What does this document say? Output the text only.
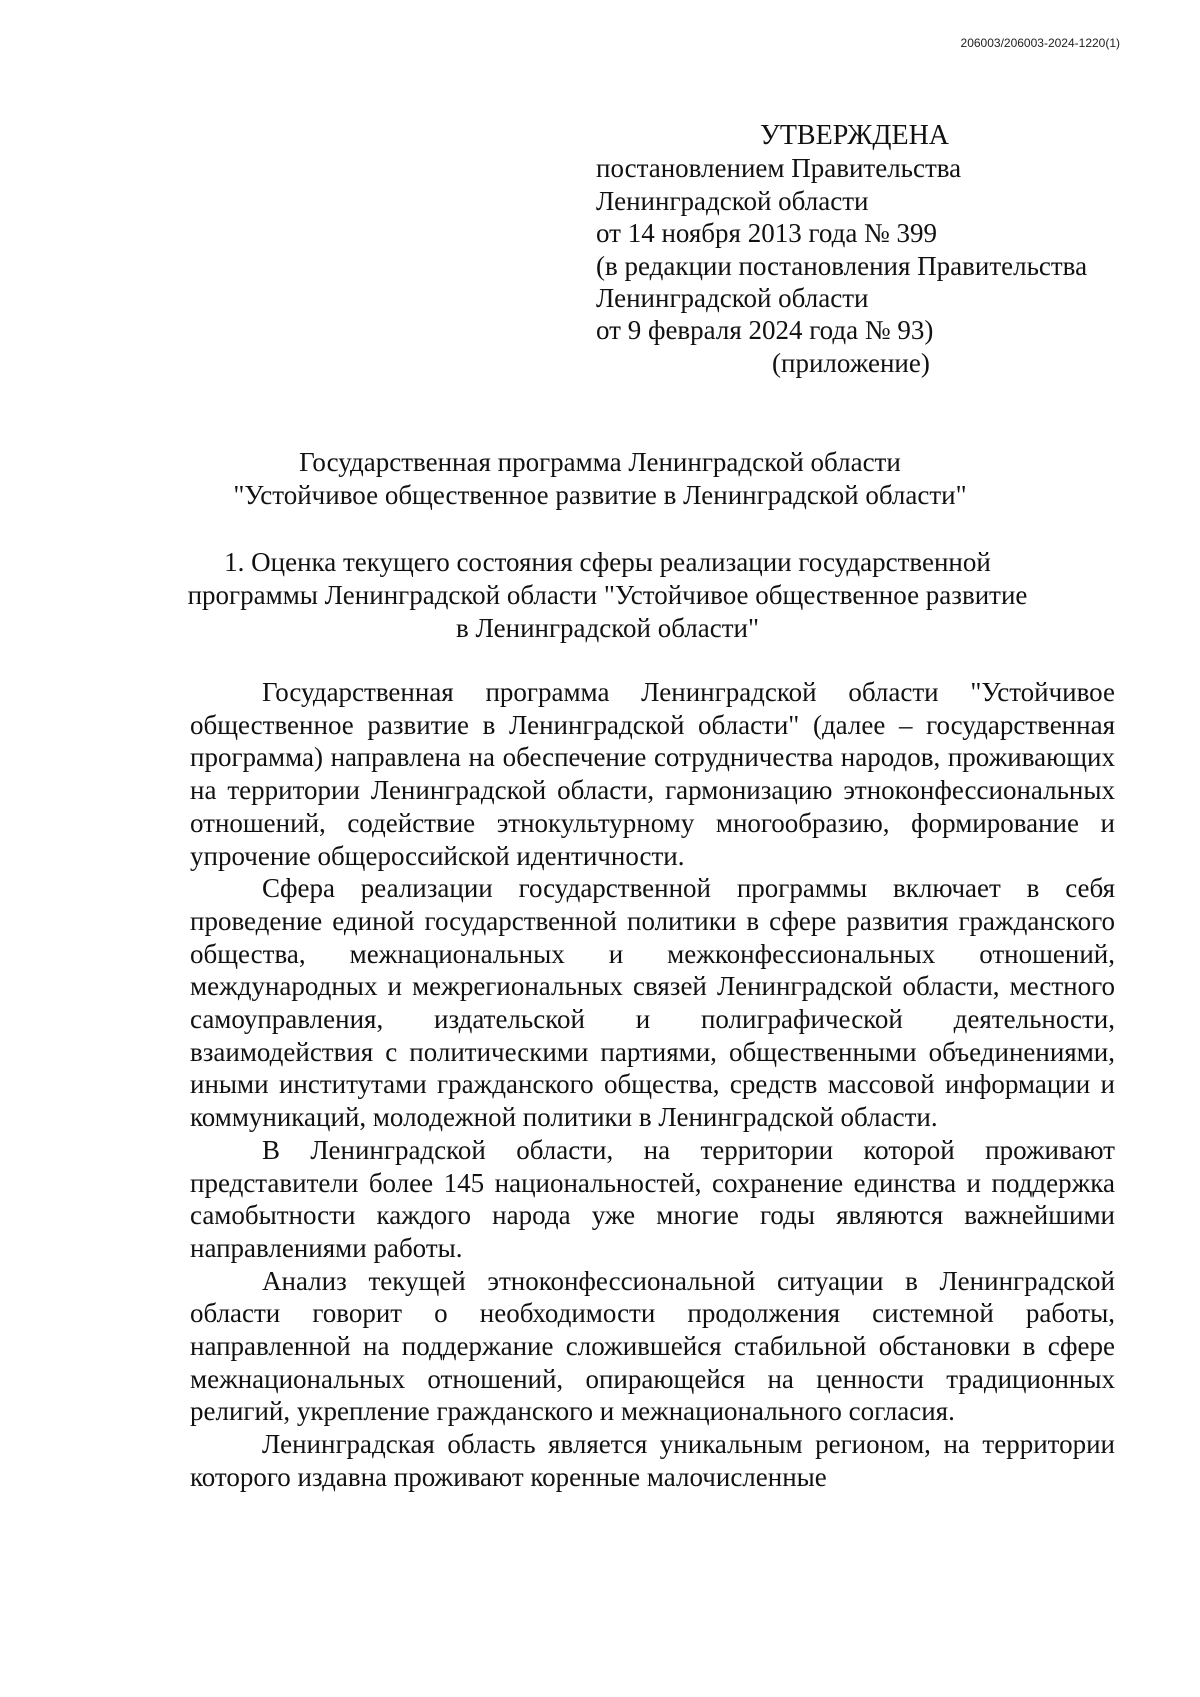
206003/206003-2024-1220(1)
УТВЕРЖДЕНА
постановлением Правительства
Ленинградской области
от 14 ноября 2013 года № 399
(в редакции постановления Правительства
Ленинградской области
от 9 февраля 2024 года № 93)
(приложение)
Государственная программа Ленинградской области
"Устойчивое общественное развитие в Ленинградской области"
1. Оценка текущего состояния сферы реализации государственной
программы Ленинградской области "Устойчивое общественное развитие
в Ленинградской области"

Государственная программа Ленинградской области "Устойчивое общественное развитие в Ленинградской области" (далее – государственная программа) направлена на обеспечение сотрудничества народов, проживающих на территории Ленинградской области, гармонизацию этноконфессиональных отношений, содействие этнокультурному многообразию, формирование и упрочение общероссийской идентичности.

Сфера реализации государственной программы включает в себя проведение единой государственной политики в сфере развития гражданского общества, межнациональных и межконфессиональных отношений, международных и межрегиональных связей Ленинградской области, местного самоуправления, издательской и полиграфической деятельности, взаимодействия с политическими партиями, общественными объединениями, иными институтами гражданского общества, средств массовой информации и коммуникаций, молодежной политики в Ленинградской области.

В Ленинградской области, на территории которой проживают представители более 145 национальностей, сохранение единства и поддержка самобытности каждого народа уже многие годы являются важнейшими направлениями работы.

Анализ текущей этноконфессиональной ситуации в Ленинградской области говорит о необходимости продолжения системной работы, направленной на поддержание сложившейся стабильной обстановки в сфере межнациональных отношений, опирающейся на ценности традиционных религий, укрепление гражданского и межнационального согласия.

Ленинградская область является уникальным регионом, на территории которого издавна проживают коренные малочисленные
